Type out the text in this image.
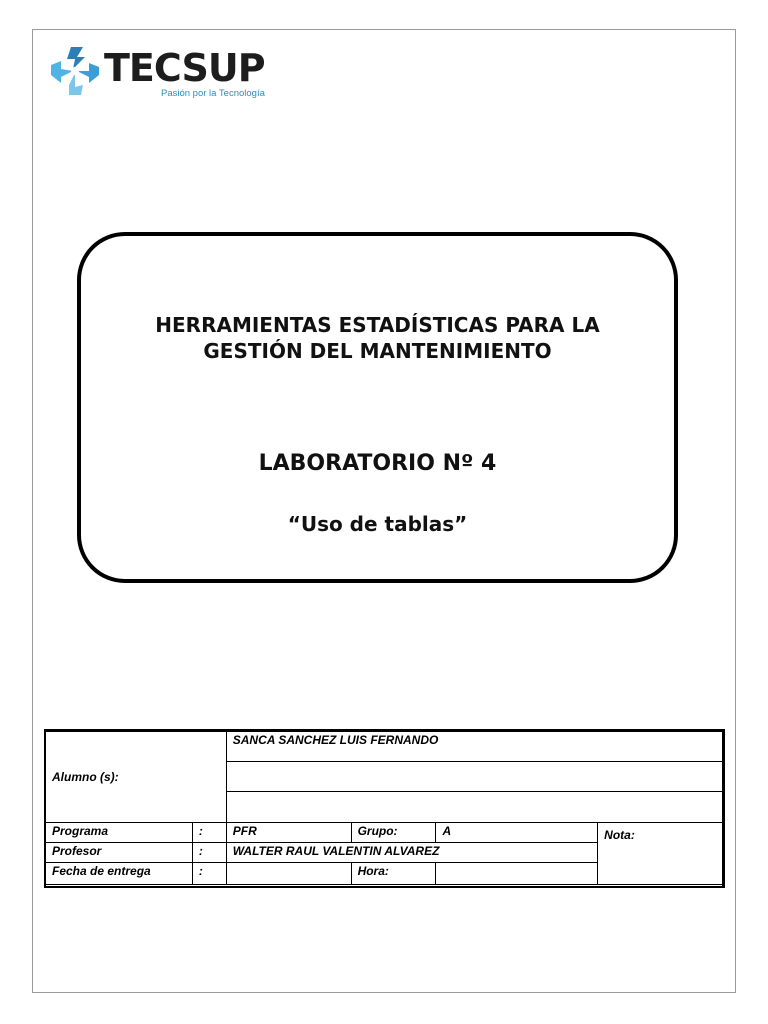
TECSUP
Pasión por la Tecnología
HERRAMIENTAS ESTADÍSTICAS PARA LA
GESTIÓN DEL MANTENIMIENTO
LABORATORIO Nº 4
“Uso de tablas”
Alumno (s):		SANCA SANCHEZ LUIS FERNANDO			

Programa	:	PFR	Grupo:	A	Nota:
Profesor	:	WALTER RAUL VALENTIN ALVAREZ			
Fecha de entrega	:		Hora:		
